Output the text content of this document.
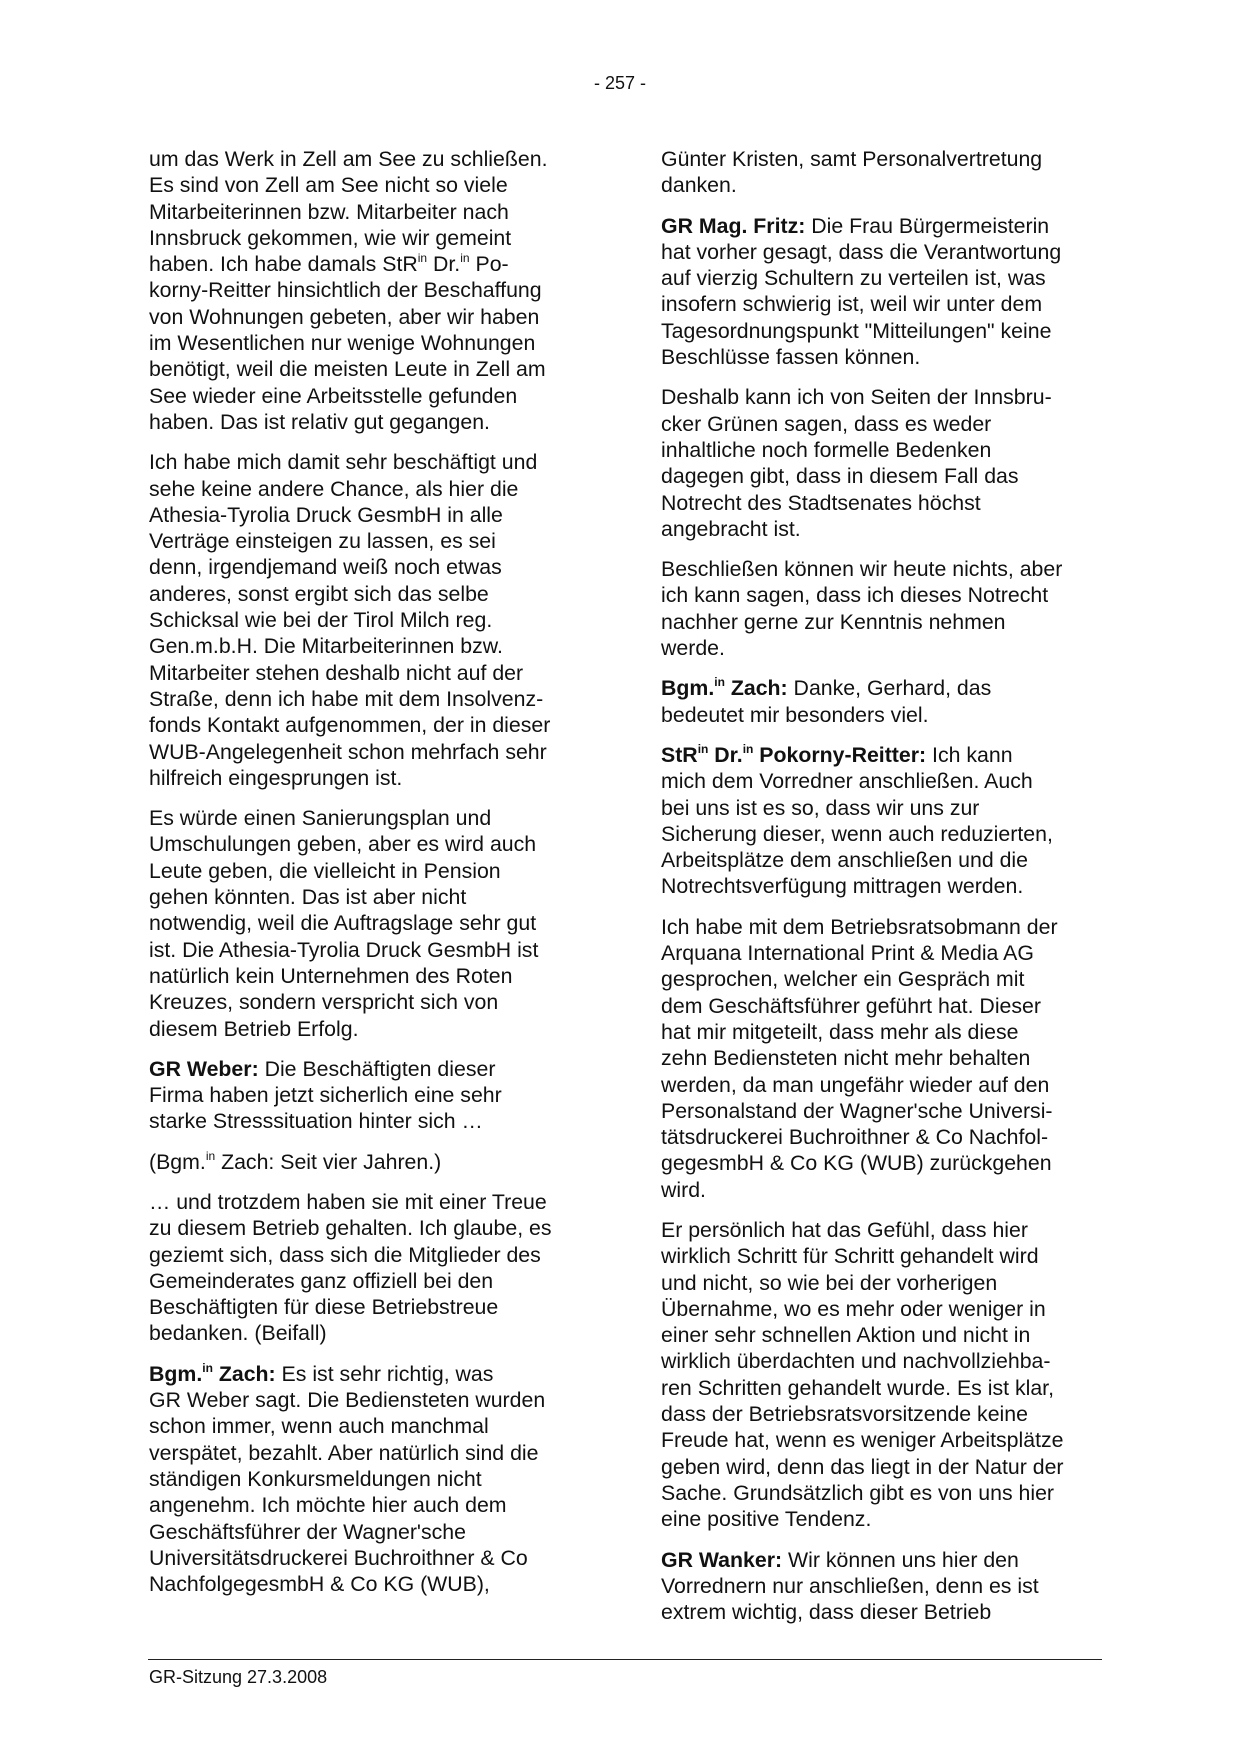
- 257 -

um das Werk in Zell am See zu schließen.
Es sind von Zell am See nicht so viele
Mitarbeiterinnen bzw. Mitarbeiter nach
Innsbruck gekommen, wie wir gemeint
haben. Ich habe damals StR$^{in}$ Dr.$^{in}$ Po-
korny-Reitter hinsichtlich der Beschaffung
von Wohnungen gebeten, aber wir haben
im Wesentlichen nur wenige Wohnungen
benötigt, weil die meisten Leute in Zell am
See wieder eine Arbeitsstelle gefunden
haben. Das ist relativ gut gegangen.

Ich habe mich damit sehr beschäftigt und
sehe keine andere Chance, als hier die
Athesia-Tyrolia Druck GesmbH in alle
Verträge einsteigen zu lassen, es sei
denn, irgendjemand weiß noch etwas
anderes, sonst ergibt sich das selbe
Schicksal wie bei der Tirol Milch reg.
Gen.m.b.H. Die Mitarbeiterinnen bzw.
Mitarbeiter stehen deshalb nicht auf der
Straße, denn ich habe mit dem Insolvenz-
fonds Kontakt aufgenommen, der in dieser
WUB-Angelegenheit schon mehrfach sehr
hilfreich eingesprungen ist.

Es würde einen Sanierungsplan und
Umschulungen geben, aber es wird auch
Leute geben, die vielleicht in Pension
gehen könnten. Das ist aber nicht
notwendig, weil die Auftragslage sehr gut
ist. Die Athesia-Tyrolia Druck GesmbH ist
natürlich kein Unternehmen des Roten
Kreuzes, sondern verspricht sich von
diesem Betrieb Erfolg.

GR Weber: Die Beschäftigten dieser
Firma haben jetzt sicherlich eine sehr
starke Stresssituation hinter sich …

(Bgm.$^{in}$ Zach: Seit vier Jahren.)

… und trotzdem haben sie mit einer Treue
zu diesem Betrieb gehalten. Ich glaube, es
geziemt sich, dass sich die Mitglieder des
Gemeinderates ganz offiziell bei den
Beschäftigten für diese Betriebstreue
bedanken. (Beifall)

Bgm.$^{in}$ Zach: Es ist sehr richtig, was
GR Weber sagt. Die Bediensteten wurden
schon immer, wenn auch manchmal
verspätet, bezahlt. Aber natürlich sind die
ständigen Konkursmeldungen nicht
angenehm. Ich möchte hier auch dem
Geschäftsführer der Wagner'sche
Universitätsdruckerei Buchroithner & Co
NachfolgegesmbH & Co KG (WUB),

Günter Kristen, samt Personalvertretung
danken.

GR Mag. Fritz: Die Frau Bürgermeisterin
hat vorher gesagt, dass die Verantwortung
auf vierzig Schultern zu verteilen ist, was
insofern schwierig ist, weil wir unter dem
Tagesordnungspunkt "Mitteilungen" keine
Beschlüsse fassen können.

Deshalb kann ich von Seiten der Innsbru-
cker Grünen sagen, dass es weder
inhaltliche noch formelle Bedenken
dagegen gibt, dass in diesem Fall das
Notrecht des Stadtsenates höchst
angebracht ist.

Beschließen können wir heute nichts, aber
ich kann sagen, dass ich dieses Notrecht
nachher gerne zur Kenntnis nehmen
werde.

Bgm.$^{in}$ Zach: Danke, Gerhard, das
bedeutet mir besonders viel.

StR$^{in}$ Dr.$^{in}$ Pokorny-Reitter: Ich kann
mich dem Vorredner anschließen. Auch
bei uns ist es so, dass wir uns zur
Sicherung dieser, wenn auch reduzierten,
Arbeitsplätze dem anschließen und die
Notrechtsverfügung mittragen werden.

Ich habe mit dem Betriebsratsobmann der
Arquana International Print & Media AG
gesprochen, welcher ein Gespräch mit
dem Geschäftsführer geführt hat. Dieser
hat mir mitgeteilt, dass mehr als diese
zehn Bediensteten nicht mehr behalten
werden, da man ungefähr wieder auf den
Personalstand der Wagner'sche Universi-
tätsdruckerei Buchroithner & Co Nachfol-
gegesmbH & Co KG (WUB) zurückgehen
wird.

Er persönlich hat das Gefühl, dass hier
wirklich Schritt für Schritt gehandelt wird
und nicht, so wie bei der vorherigen
Übernahme, wo es mehr oder weniger in
einer sehr schnellen Aktion und nicht in
wirklich überdachten und nachvollziehba-
ren Schritten gehandelt wurde. Es ist klar,
dass der Betriebsratsvorsitzende keine
Freude hat, wenn es weniger Arbeitsplätze
geben wird, denn das liegt in der Natur der
Sache. Grundsätzlich gibt es von uns hier
eine positive Tendenz.

GR Wanker: Wir können uns hier den
Vorrednern nur anschließen, denn es ist
extrem wichtig, dass dieser Betrieb

GR-Sitzung 27.3.2008
